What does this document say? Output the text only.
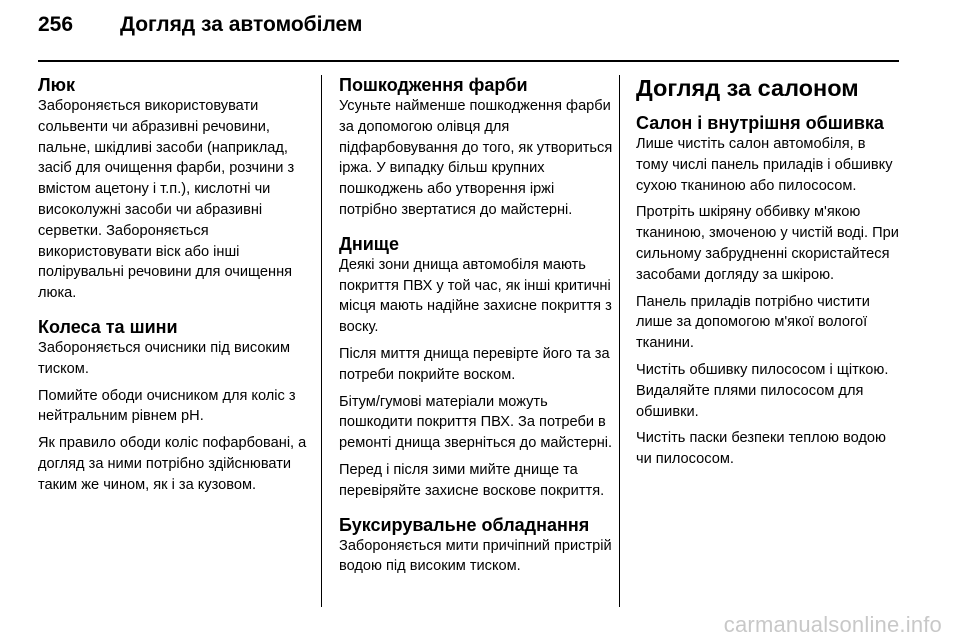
256	Догляд за автомобілем
Люк

Забороняється використовувати сольвенти чи абразивні речовини, пальне, шкідливі засоби (наприклад, засіб для очищення фарби, розчини з вмістом ацетону і т.п.), кислотні чи високолужні засоби чи абразивні серветки. Забороняється використовувати віск або інші полірувальні речовини для очищення люка.

Колеса та шини

Забороняється очисники під високим тиском.

Помийте ободи очисником для коліс з нейтральним рівнем pH.

Як правило ободи коліс пофарбовані, а догляд за ними потрібно здійснювати таким же чином, як і за кузовом.

Пошкодження фарби

Усуньте найменше пошкодження фарби за допомогою олівця для підфарбовування до того, як утвориться іржа. У випадку більш крупних пошкоджень або утворення іржі потрібно звертатися до майстерні.

Днище

Деякі зони днища автомобіля мають покриття ПВХ у той час, як інші критичні місця мають надійне захисне покриття з воску.

Після миття днища перевірте його та за потреби покрийте воском.

Бітум/гумові матеріали можуть пошкодити покриття ПВХ. За потреби в ремонті днища зверніться до майстерні.

Перед і після зими мийте днище та перевіряйте захисне воскове покриття.

Буксирувальне обладнання

Забороняється мити причіпний пристрій водою під високим тиском.

Догляд за салоном
Салон і внутрішня обшивка

Лише чистіть салон автомобіля, в тому числі панель приладів і обшивку сухою тканиною або пилососом.

Протріть шкіряну оббивку м'якою тканиною, змоченою у чистій воді. При сильному забрудненні скористайтеся засобами догляду за шкірою.

Панель приладів потрібно чистити лише за допомогою м'якої вологої тканини.

Чистіть обшивку пилососом і щіткою. Видаляйте плями пилососом для обшивки.

Чистіть паски безпеки теплою водою чи пилососом.

carmanualsonline.info
